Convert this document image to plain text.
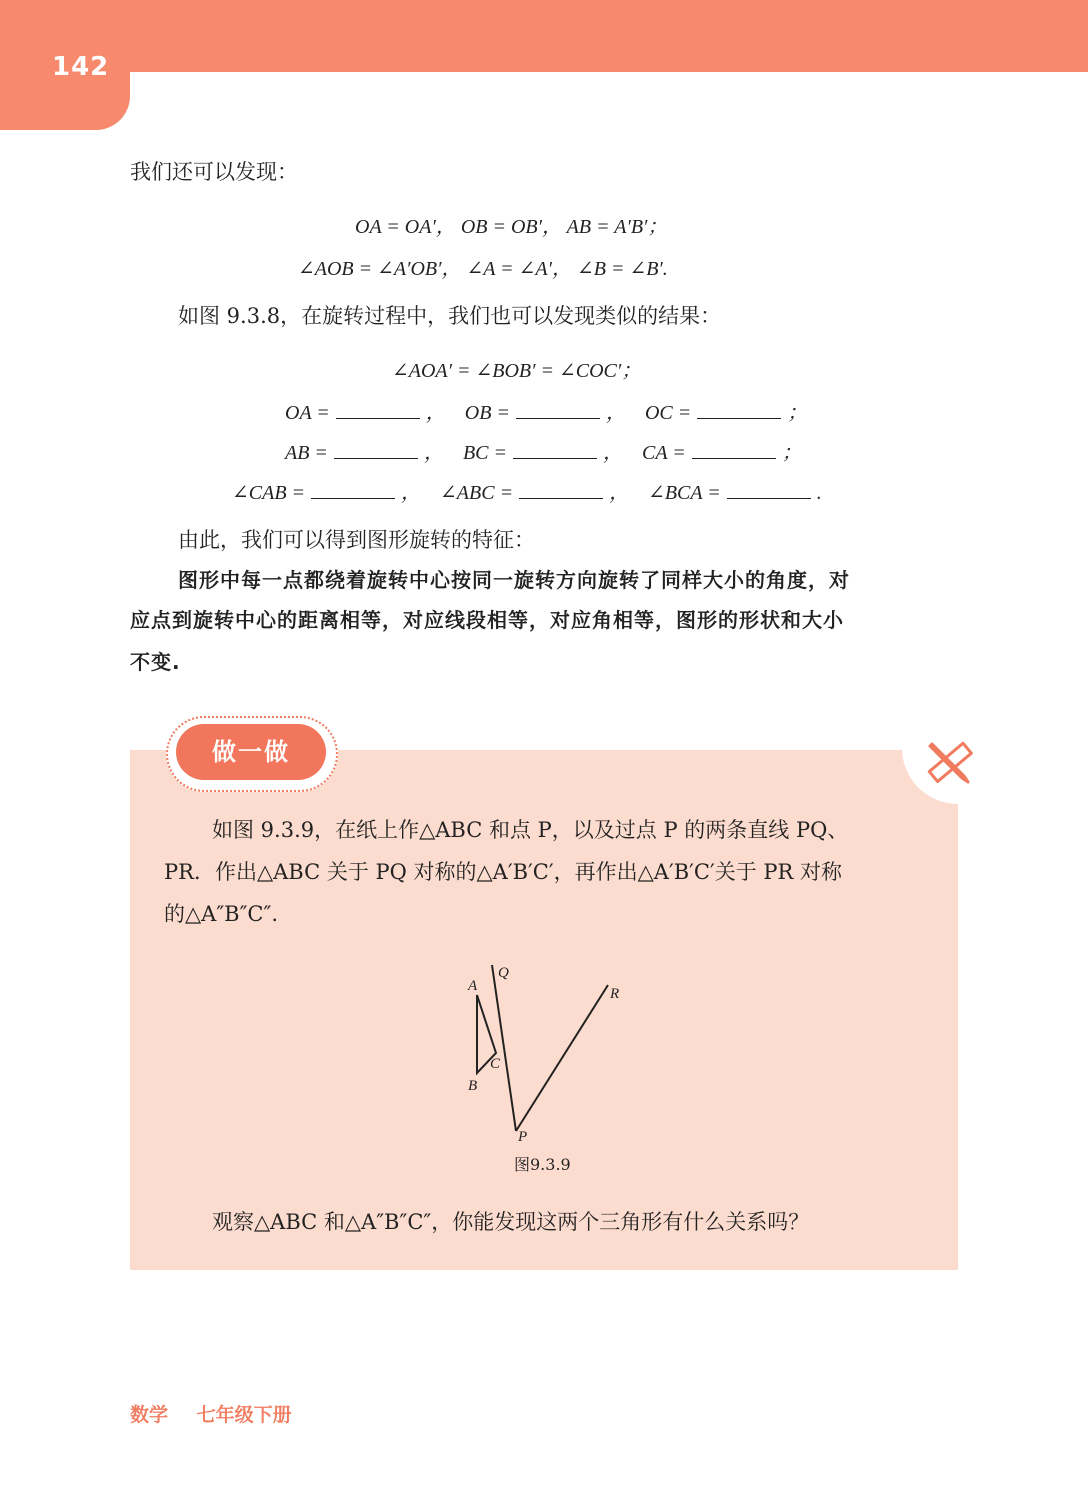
142
我们还可以发现：
OA = OA′， OB = OB′， AB = A′B′；
∠AOB = ∠A′OB′， ∠A = ∠A′， ∠B = ∠B′.
如图 9.3.8，在旋转过程中，我们也可以发现类似的结果：
∠AOA′ = ∠BOB′ = ∠COC′；
OA =	， OB =	， OC =	；
AB =	， BC =	， CA =	；
∠CAB =	， ∠ABC =	， ∠BCA =	.
由此，我们可以得到图形旋转的特征：
图形中每一点都绕着旋转中心按同一旋转方向旋转了同样大小的角度，对
应点到旋转中心的距离相等，对应线段相等，对应角相等，图形的形状和大小
不变.
做一做
如图 9.3.9，在纸上作△ABC 和点 P，以及过点 P 的两条直线 PQ、
PR．作出△ABC 关于 PQ 对称的△A′B′C′，再作出△A′B′C′关于 PR 对称
的△A″B″C″.
A
B
C
P
Q
R
图9.3.9
观察△ABC 和△A″B″C″，你能发现这两个三角形有什么关系吗？
数学 七年级下册
